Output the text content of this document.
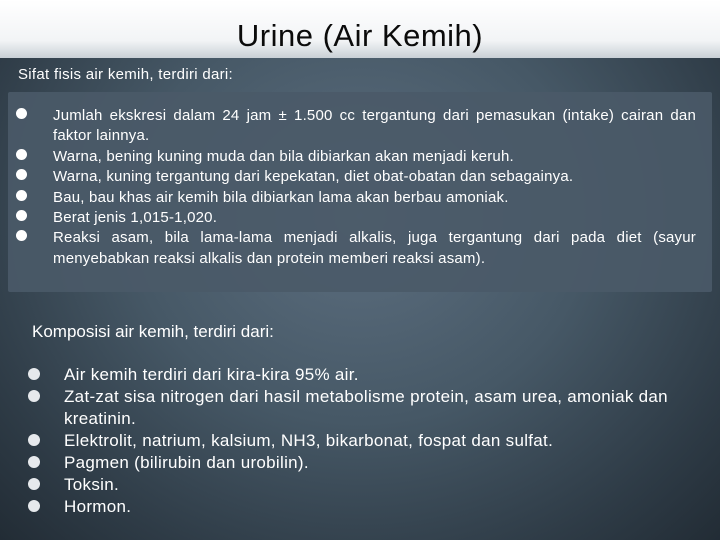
Urine (Air Kemih)
Sifat fisis air kemih, terdiri dari:
Jumlah ekskresi dalam 24 jam ± 1.500 cc tergantung dari pemasukan (intake) cairan dan faktor lainnya.
Warna, bening kuning muda dan bila dibiarkan akan menjadi keruh.
Warna, kuning tergantung dari kepekatan, diet obat-obatan dan sebagainya.
Bau, bau khas air kemih bila dibiarkan lama akan berbau amoniak.
Berat jenis 1,015-1,020.
Reaksi asam, bila lama-lama menjadi alkalis, juga tergantung dari pada diet (sayur menyebabkan reaksi alkalis dan protein memberi reaksi asam).
Komposisi air kemih, terdiri dari:
Air kemih terdiri dari kira-kira 95% air.
Zat-zat sisa nitrogen dari hasil metabolisme protein, asam urea, amoniak dan kreatinin.
Elektrolit, natrium, kalsium, NH3, bikarbonat, fospat dan sulfat.
Pagmen (bilirubin dan urobilin).
Toksin.
Hormon.
